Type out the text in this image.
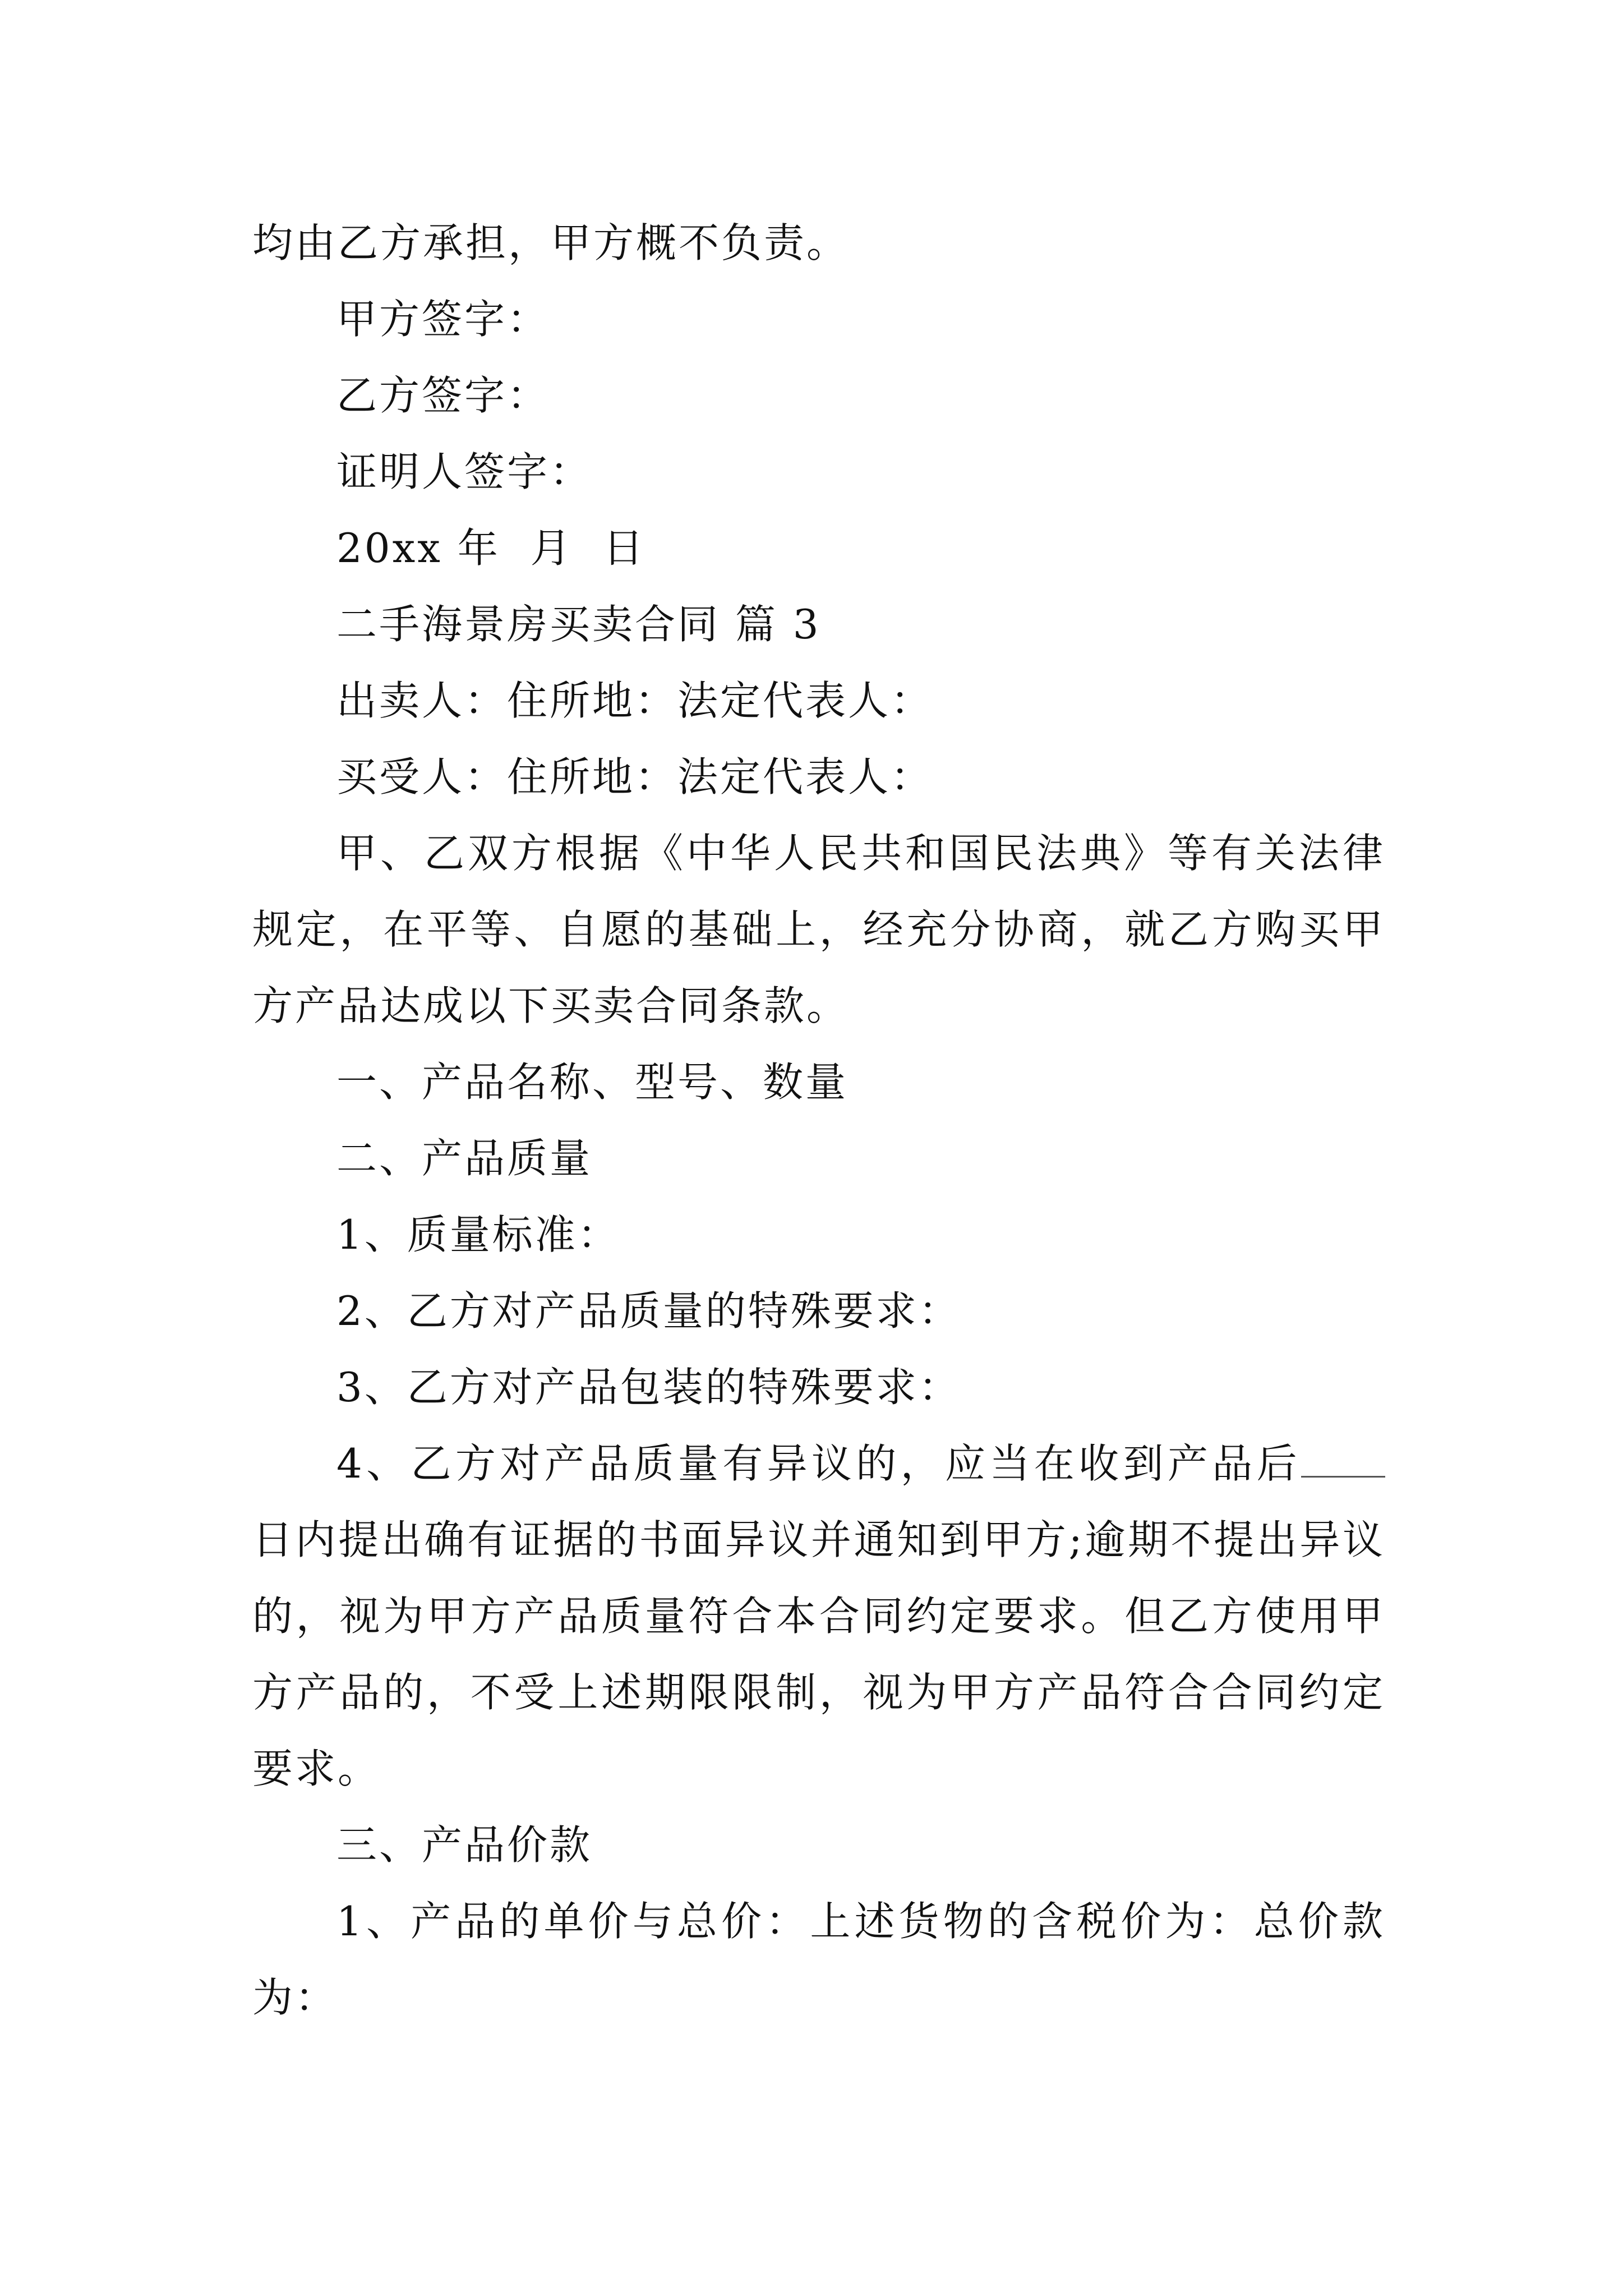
均由乙方承担，甲方概不负责。

甲方签字：

乙方签字：

证明人签字：

20xx 年  月  日

二手海景房买卖合同 篇 3

出卖人：住所地：法定代表人：

买受人：住所地：法定代表人：

甲、乙双方根据《中华人民共和国民法典》等有关法律规定，在平等、自愿的基础上，经充分协商，就乙方购买甲方产品达成以下买卖合同条款。

一、产品名称、型号、数量

二、产品质量

1、质量标准：

2、乙方对产品质量的特殊要求：

3、乙方对产品包装的特殊要求：

4、乙方对产品质量有异议的，应当在收到产品后日内提出确有证据的书面异议并通知到甲方;逾期不提出异议的，视为甲方产品质量符合本合同约定要求。但乙方使用甲方产品的，不受上述期限限制，视为甲方产品符合合同约定要求。

三、产品价款

1、产品的单价与总价：上述货物的含税价为：总价款为：
